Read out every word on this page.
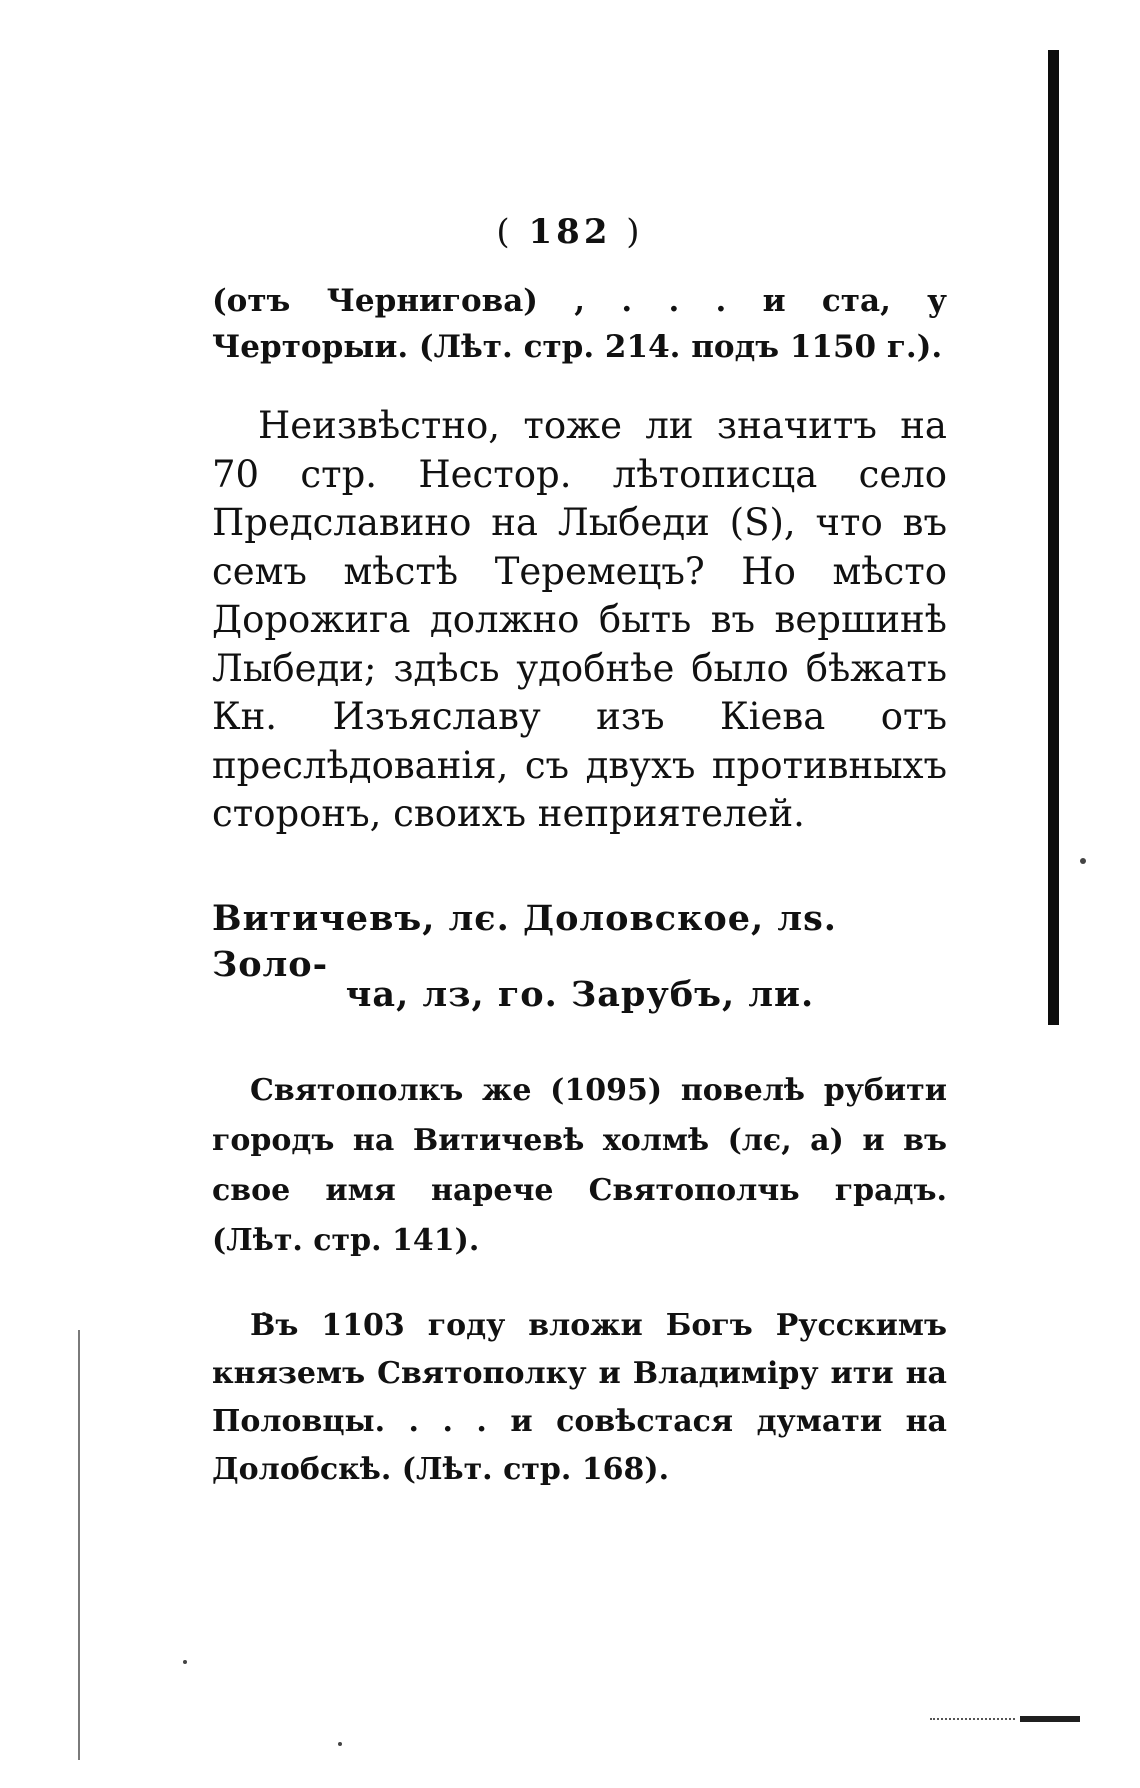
( 182 )

(отъ Чернигова) , . . . и ста, у Черторыи. (Лѣт. стр. 214. подъ 1150 г.).

Неизвѣстно, тоже ли значитъ на 70 стр. Нестор. лѣтописца село Предславино на Лыбеди (S), что въ семъ мѣстѣ Теремецъ? Но мѣсто Дорожига должно быть въ вершинѣ Лыбеди; здѣсь удобнѣе было бѣжать Кн. Изъяславу изъ Кіева отъ преслѣдованія, съ двухъ противныхъ сторонъ, своихъ неприятелей.

Витичевъ, лє. Доловское, лѕ. Золо-
ча, лз, го. Зарубъ, ли.

Святополкъ же (1095) повелѣ рубити городъ на Витичевѣ холмѣ (лє, а) и въ свое имя нарече Святополчь градъ. (Лѣт. стр. 141).

Въ 1103 году вложи Богъ Русскимъ княземъ Святополку и Владиміру ити на Половцы. . . . и совѣстася думати на Долобскѣ. (Лѣт. стр. 168).
